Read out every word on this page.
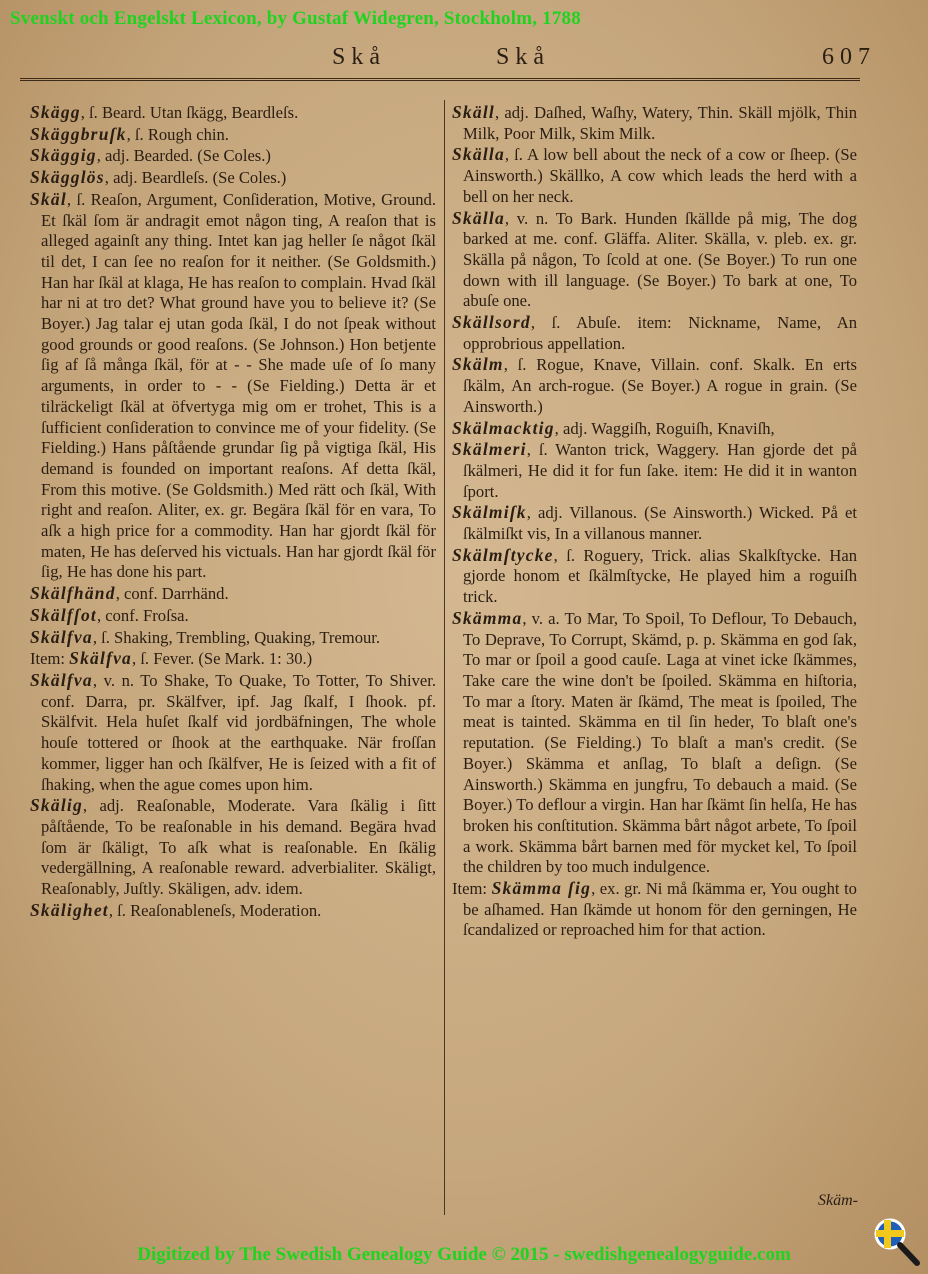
Svenskt och Engelskt Lexicon, by Gustaf Widegren, Stockholm, 1788
Skå	Skå	607

Skägg, ſ. Beard. Utan ſkägg, Beardleſs.

Skäggbruſk, ſ. Rough chin.

Skäggig, adj. Bearded. (Se Coles.)

Skägglös, adj. Beardleſs. (Se Coles.)

Skäl, ſ. Reaſon, Argument, Conſideration, Motive, Ground. Et ſkäl ſom är andragit emot någon ting, A reaſon that is alleged againſt any thing. Intet kan jag heller ſe något ſkäl til det, I can ſee no reaſon for it neither. (Se Goldsmith.) Han har ſkäl at klaga, He has reaſon to complain. Hvad ſkäl har ni at tro det? What ground have you to believe it? (Se Boyer.) Jag talar ej utan goda ſkäl, I do not ſpeak without good grounds or good reaſons. (Se Johnson.) Hon betjente ſig af ſå många ſkäl, för at - - She made uſe of ſo many arguments, in order to - - (Se Fielding.) Detta är et tilräckeligt ſkäl at öfvertyga mig om er trohet, This is a ſufficient conſideration to convince me of your fidelity. (Se Fielding.) Hans påſtående grundar ſig på vigtiga ſkäl, His demand is founded on important reaſons. Af detta ſkäl, From this motive. (Se Goldsmith.) Med rätt och ſkäl, With right and reaſon. Aliter, ex. gr. Begära ſkäl för en vara, To aſk a high price for a commodity. Han har gjordt ſkäl för maten, He has deſerved his victuals. Han har gjordt ſkäl för ſig, He has done his part.

Skälfhänd, conf. Darrhänd.

Skälfſot, conf. Froſsa.

Skälfva, ſ. Shaking, Trembling, Quaking, Tremour.

Item: Skälfva, ſ. Fever. (Se Mark. 1: 30.)

Skälfva, v. n. To Shake, To Quake, To Totter, To Shiver. conf. Darra, pr. Skälfver, ipf. Jag ſkalf, I ſhook. pf. Skälfvit. Hela huſet ſkalf vid jordbäfningen, The whole houſe tottered or ſhook at the earthquake. När froſſan kommer, ligger han och ſkälfver, He is ſeized with a fit of ſhaking, when the ague comes upon him.

Skälig, adj. Reaſonable, Moderate. Vara ſkälig i ſitt påſtående, To be reaſonable in his demand. Begära hvad ſom är ſkäligt, To aſk what is reaſonable. En ſkälig vedergällning, A reaſonable reward. adverbialiter. Skäligt, Reaſonably, Juſtly. Skäligen, adv. idem.

Skälighet, ſ. Reaſonableneſs, Moderation.

Skäll, adj. Daſhed, Waſhy, Watery, Thin. Skäll mjölk, Thin Milk, Poor Milk, Skim Milk.

Skälla, ſ. A low bell about the neck of a cow or ſheep. (Se Ainsworth.) Skällko, A cow which leads the herd with a bell on her neck.

Skälla, v. n. To Bark. Hunden ſkällde på mig, The dog barked at me. conf. Gläffa. Aliter. Skälla, v. pleb. ex. gr. Skälla på någon, To ſcold at one. (Se Boyer.) To run one down with ill language. (Se Boyer.) To bark at one, To abuſe one.

Skällsord, ſ. Abuſe. item: Nickname, Name, An opprobrious appellation.

Skälm, ſ. Rogue, Knave, Villain. conf. Skalk. En erts ſkälm, An arch-rogue. (Se Boyer.) A rogue in grain. (Se Ainsworth.)

Skälmacktig, adj. Waggiſh, Roguiſh, Knaviſh,

Skälmeri, ſ. Wanton trick, Waggery. Han gjorde det på ſkälmeri, He did it for fun ſake. item: He did it in wanton ſport.

Skälmiſk, adj. Villanous. (Se Ainsworth.) Wicked. På et ſkälmiſkt vis, In a villanous manner.

Skälmſtycke, ſ. Roguery, Trick. alias Skalkſtycke. Han gjorde honom et ſkälmſtycke, He played him a roguiſh trick.

Skämma, v. a. To Mar, To Spoil, To Deflour, To Debauch, To Deprave, To Corrupt, Skämd, p. p. Skämma en god ſak, To mar or ſpoil a good cauſe. Laga at vinet icke ſkämmes, Take care the wine don't be ſpoiled. Skämma en hiſtoria, To mar a ſtory. Maten är ſkämd, The meat is ſpoiled, The meat is tainted. Skämma en til ſin heder, To blaſt one's reputation. (Se Fielding.) To blaſt a man's credit. (Se Boyer.) Skämma et anſlag, To blaſt a deſign. (Se Ainsworth.) Skämma en jungfru, To debauch a maid. (Se Boyer.) To deflour a virgin. Han har ſkämt ſin helſa, He has broken his conſtitution. Skämma bårt något arbete, To ſpoil a work. Skämma bårt barnen med för mycket kel, To ſpoil the children by too much indulgence.

Item: Skämma ſig, ex. gr. Ni må ſkämma er, You ought to be aſhamed. Han ſkämde ut honom för den gerningen, He ſcandalized or reproached him for that action.

Skäm-
Digitized by The Swedish Genealogy Guide © 2015 - swedishgenealogyguide.com
